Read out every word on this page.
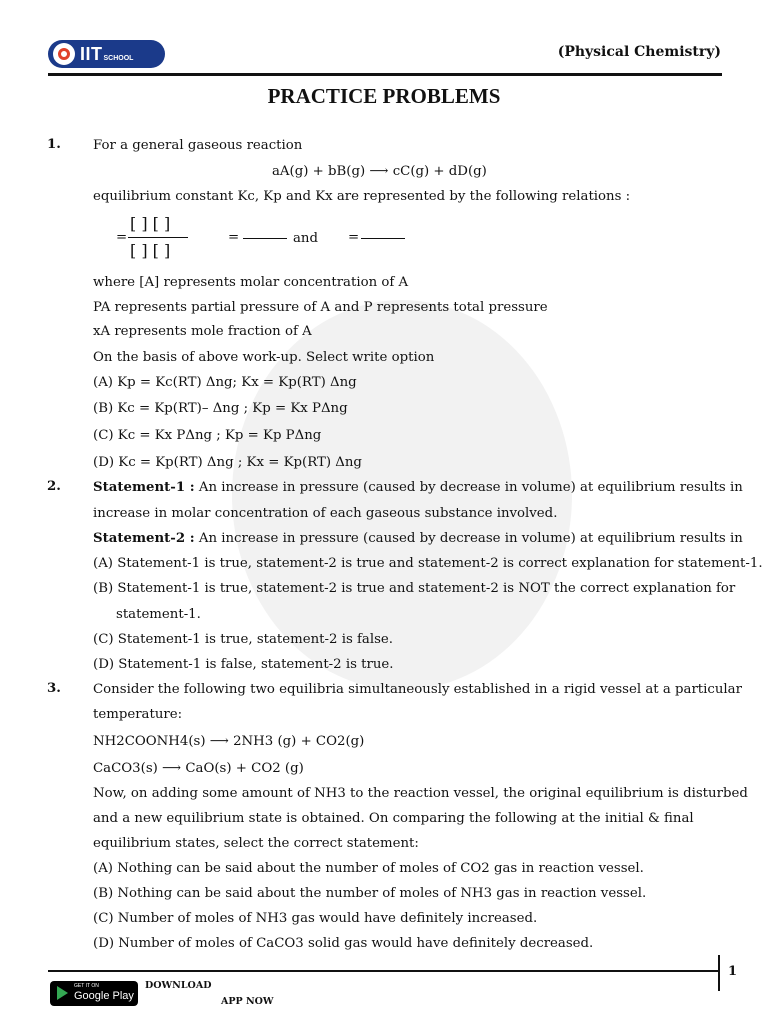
IIT SCHOOL	(Physical Chemistry)
PRACTICE PROBLEMS
1. For a general gaseous reaction
aA(g) + bB(g) ⟶ cC(g) + dD(g)
equilibrium constant Kc, Kp and Kx are represented by the following relations :
=
[ ] [ ]
[ ] [ ]
=	and =
where [A] represents molar concentration of A
PA represents partial pressure of A and P represents total pressure
xA represents mole fraction of A
On the basis of above work-up. Select write option
(A) Kp = Kc(RT) Δng; Kx = Kp(RT) Δng
(B) Kc = Kp(RT)– Δng ; Kp = Kx PΔng
(C) Kc = Kx PΔng ; Kp = Kp PΔng
(D) Kc = Kp(RT) Δng ; Kx = Kp(RT) Δng
2. Statement-1 : An increase in pressure (caused by decrease in volume) at equilibrium results in
increase in molar concentration of each gaseous substance involved.
Statement-2 : An increase in pressure (caused by decrease in volume) at equilibrium results in
(A) Statement-1 is true, statement-2 is true and statement-2 is correct explanation for statement-1.
(B) Statement-1 is true, statement-2 is true and statement-2 is NOT the correct explanation for
statement-1.
(C) Statement-1 is true, statement-2 is false.
(D) Statement-1 is false, statement-2 is true.
3. Consider the following two equilibria simultaneously established in a rigid vessel at a particular
temperature:
NH2COONH4(s) ⟶ 2NH3 (g) + CO2(g)
CaCO3(s) ⟶ CaO(s) + CO2 (g)
Now, on adding some amount of NH3 to the reaction vessel, the original equilibrium is disturbed
and a new equilibrium state is obtained. On comparing the following at the initial & final
equilibrium states, select the correct statement:
(A) Nothing can be said about the number of moles of CO2 gas in reaction vessel.
(B) Nothing can be said about the number of moles of NH3 gas in reaction vessel.
(C) Number of moles of NH3 gas would have definitely increased.
(D) Number of moles of CaCO3 solid gas would have definitely decreased.
1
GET IT ON
Google Play
DOWNLOAD
APP NOW
